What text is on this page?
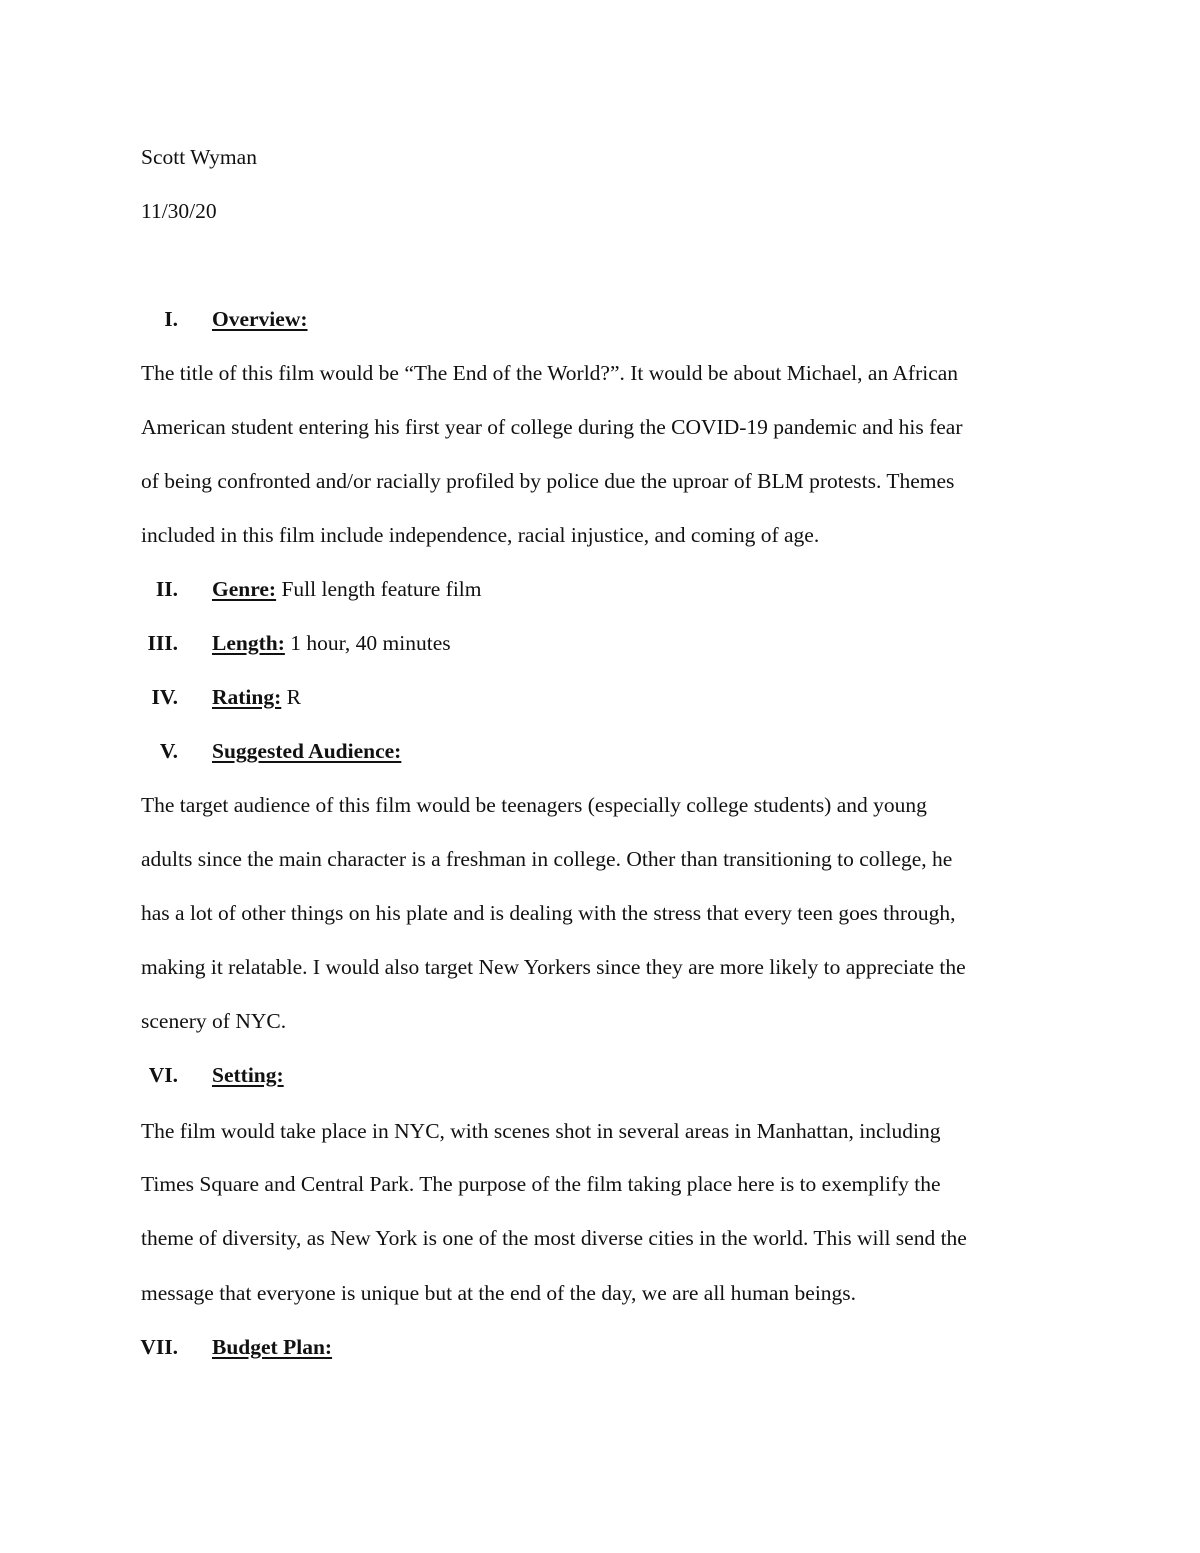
Scott Wyman
11/30/20
I . Overview:
The title of this film would be “The End of the World?”. It would be about Michael, an African
American student entering his first year of college during the COVID-19 pandemic and his fear
of being confronted and/or racially profiled by police due the uproar of BLM protests. Themes
included in this film include independence, racial injustice, and coming of age.
II . Genre: Full length feature film
III . Length: 1 hour, 40 minutes
IV . Rating: R
V . Suggested Audience:
The target audience of this film would be teenagers (especially college students) and young
adults since the main character is a freshman in college. Other than transitioning to college, he
has a lot of other things on his plate and is dealing with the stress that every teen goes through,
making it relatable. I would also target New Yorkers since they are more likely to appreciate the
scenery of NYC.
VI . Setting:
The film would take place in NYC, with scenes shot in several areas in Manhattan, including
Times Square and Central Park. The purpose of the film taking place here is to exemplify the
theme of diversity, as New York is one of the most diverse cities in the world. This will send the
message that everyone is unique but at the end of the day, we are all human beings.
VII . Budget Plan:
